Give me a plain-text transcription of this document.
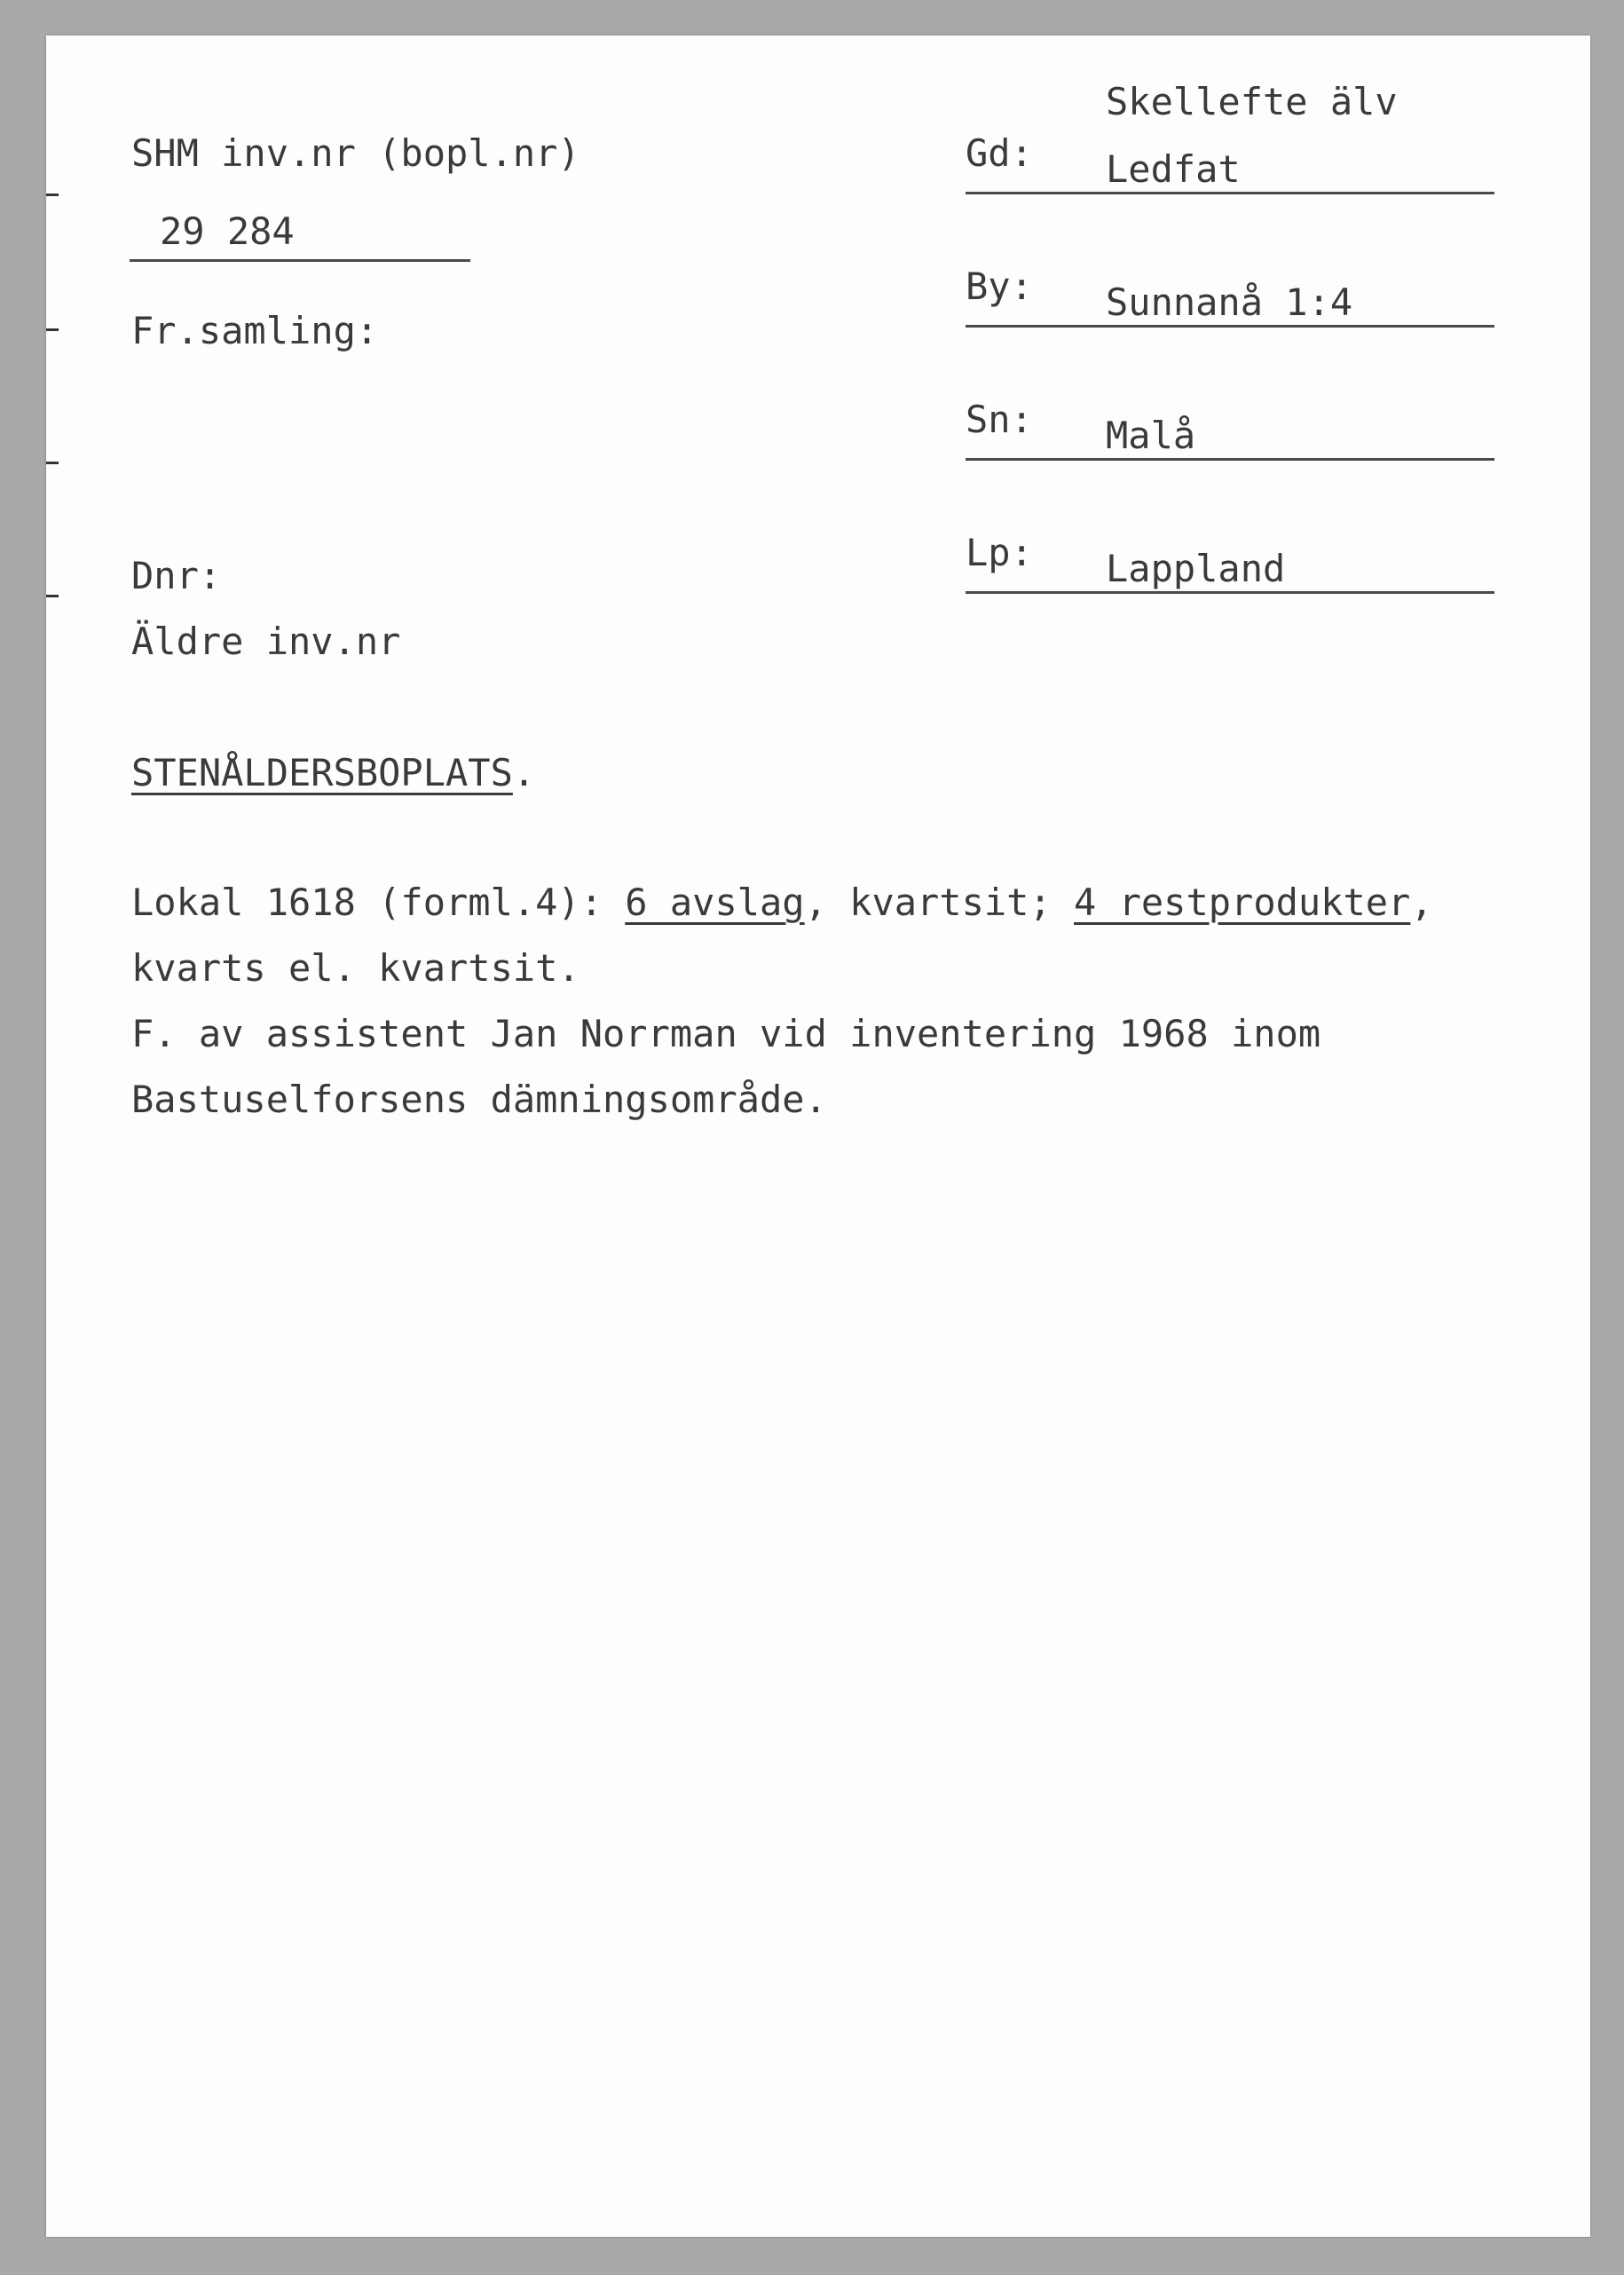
SHM inv.nr (bopl.nr)
29 284
Fr.samling:
Dnr:
Äldre inv.nr
Skellefte älv
Gd: Ledfat
By: Sunnanå 1:4
Sn: Malå
Lp: Lappland
STENÅLDERSBOPLATS.
Lokal 1618 (forml.4): 6 avslag, kvartsit; 4 restprodukter,
kvarts el. kvartsit.
F. av assistent Jan Norrman vid inventering 1968 inom
Bastuselforsens dämningsområde.
